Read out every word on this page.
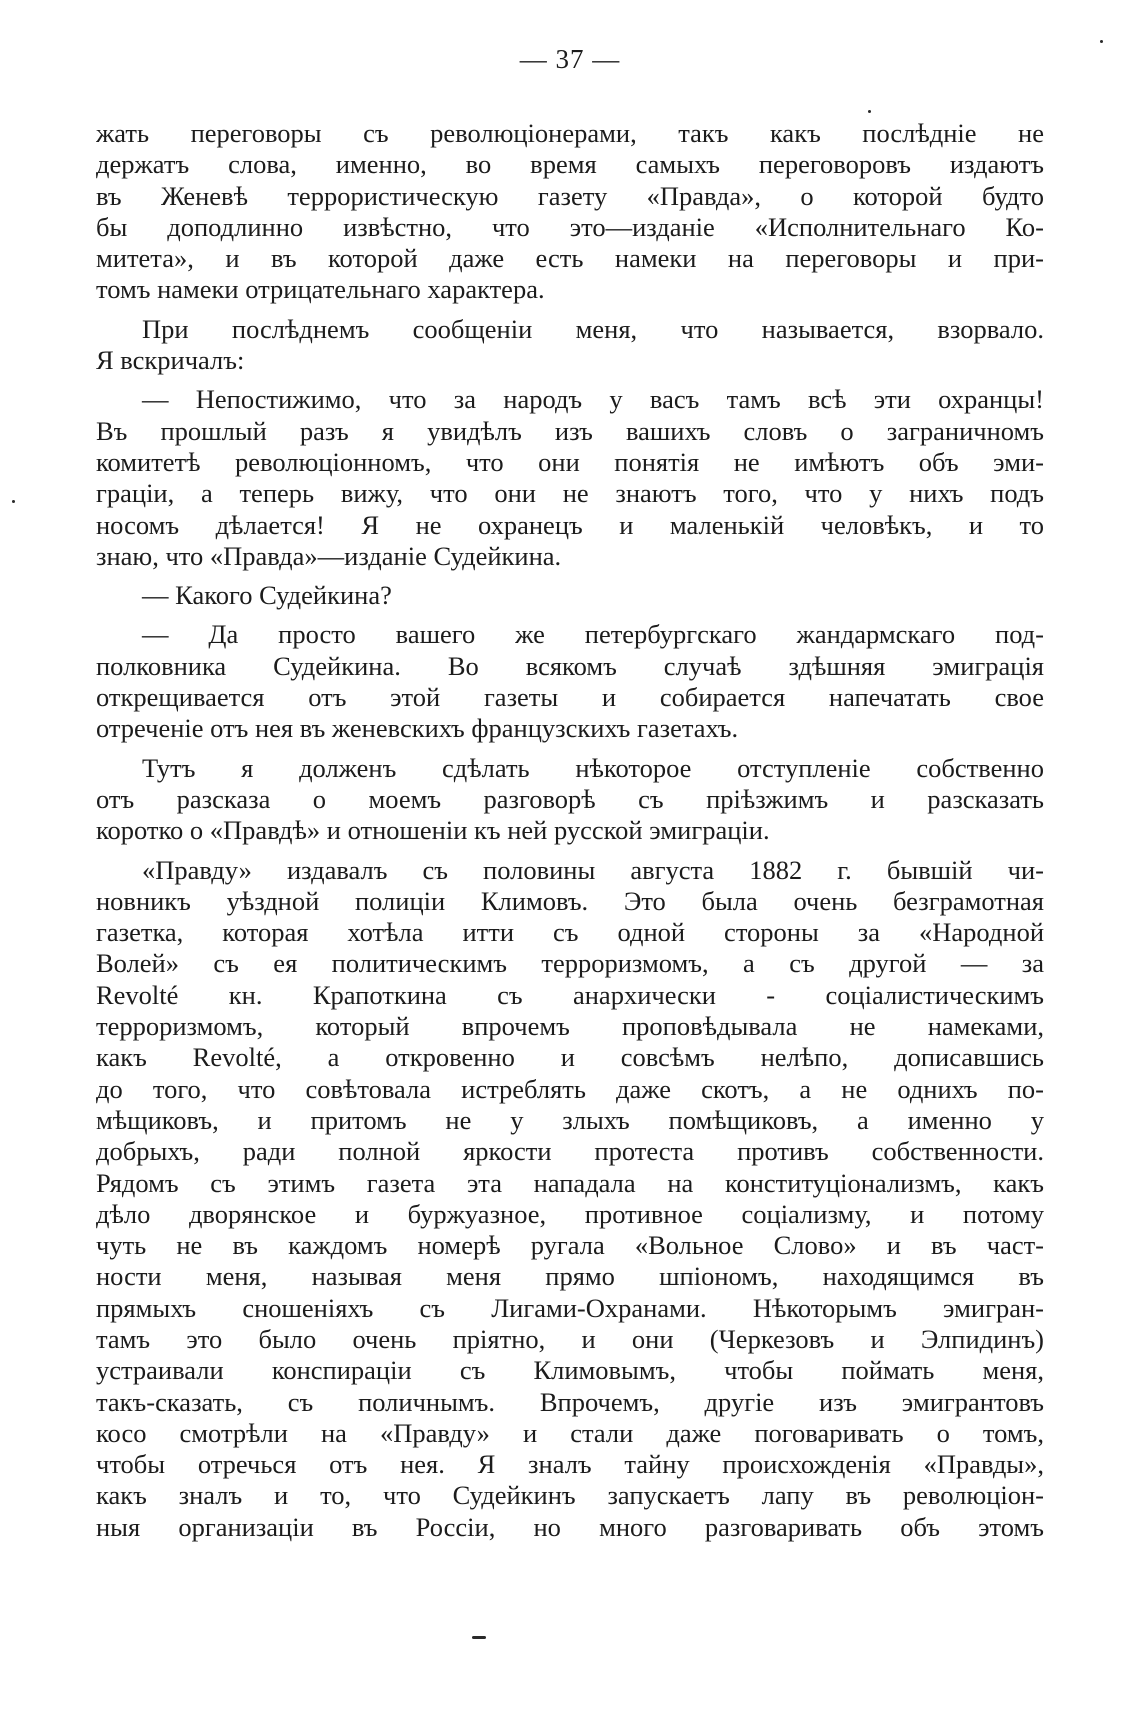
— 37 —
жать переговоры съ революціонерами, такъ какъ послѣдніе не
держатъ слова, именно, во время самыхъ переговоровъ издаютъ
въ Женевѣ террористическую газету «Правда», о которой будто
бы доподлинно извѣстно, что это—изданіе «Исполнительнаго Ко-
митета», и въ которой даже есть намеки на переговоры и при-
томъ намеки отрицательнаго характера.
При послѣднемъ сообщеніи меня, что называется, взорвало.
Я вскричалъ:
— Непостижимо, что за народъ у васъ тамъ всѣ эти охранцы!
Въ прошлый разъ я увидѣлъ изъ вашихъ словъ о заграничномъ
комитетѣ революціонномъ, что они понятія не имѣютъ объ эми-
граціи, а теперь вижу, что они не знаютъ того, что у нихъ подъ
носомъ дѣлается! Я не охранецъ и маленькій человѣкъ, и то
знаю, что «Правда»—изданіе Судейкина.
— Какого Судейкина?
— Да просто вашего же петербургскаго жандармскаго под-
полковника Судейкина. Во всякомъ случаѣ здѣшняя эмиграція
открещивается отъ этой газеты и собирается напечатать свое
отреченіе отъ нея въ женевскихъ французскихъ газетахъ.
Тутъ я долженъ сдѣлать нѣкоторое отступленіе собственно
отъ разсказа о моемъ разговорѣ съ пріѣзжимъ и разсказать
коротко о «Правдѣ» и отношеніи къ ней русской эмиграціи.
«Правду» издавалъ съ половины августа 1882 г. бывшій чи-
новникъ уѣздной полиціи Климовъ. Это была очень безграмотная
газетка, которая хотѣла итти съ одной стороны за «Народной
Волей» съ ея политическимъ терроризмомъ, а съ другой — за
Revolté кн. Крапоткина съ анархически - соціалистическимъ
терроризмомъ, который впрочемъ проповѣдывала не намеками,
какъ Revolté, а откровенно и совсѣмъ нелѣпо, дописавшись
до того, что совѣтовала истреблять даже скотъ, а не однихъ по-
мѣщиковъ, и притомъ не у злыхъ помѣщиковъ, а именно у
добрыхъ, ради полной яркости протеста противъ собственности.
Рядомъ съ этимъ газета эта нападала на конституціонализмъ, какъ
дѣло дворянское и буржуазное, противное соціализму, и потому
чуть не въ каждомъ номерѣ ругала «Вольное Слово» и въ част-
ности меня, называя меня прямо шпіономъ, находящимся въ
прямыхъ сношеніяхъ съ Лигами-Охранами. Нѣкоторымъ эмигран-
тамъ это было очень пріятно, и они (Черкезовъ и Элпидинъ)
устраивали конспираціи съ Климовымъ, чтобы поймать меня,
такъ-сказать, съ поличнымъ. Впрочемъ, другіе изъ эмигрантовъ
косо смотрѣли на «Правду» и стали даже поговаривать о томъ,
чтобы отречься отъ нея. Я зналъ тайну происхожденія «Правды»,
какъ зналъ и то, что Судейкинъ запускаетъ лапу въ революціон-
ныя организаціи въ Россіи, но много разговаривать объ этомъ
